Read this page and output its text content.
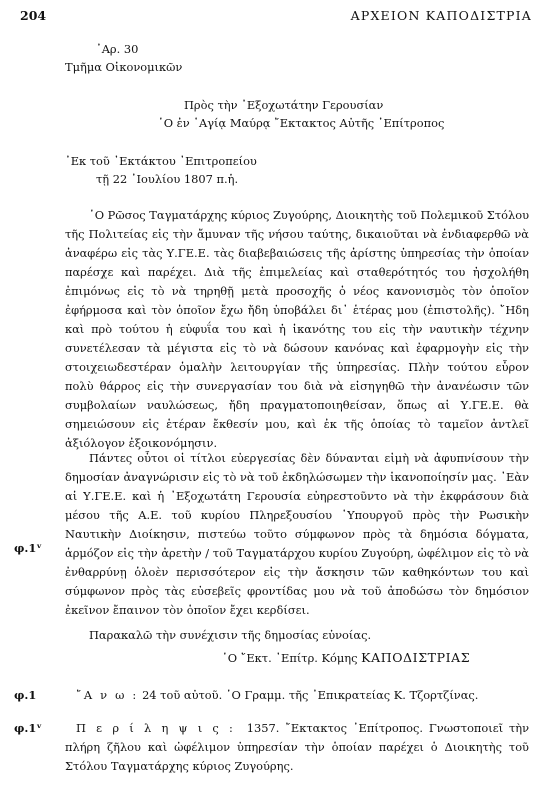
204	ΑΡΧΕΙΟΝ ΚΑΠΟΔΙΣΤΡΙΑ
᾽Αρ. 30
Τμῆμα Οἰκονομικῶν
Πρὸς τὴν ᾽Εξοχωτάτην Γερουσίαν
῾Ο ἐν ῾Αγίᾳ Μαύρᾳ ῎Εκτακτος Αὐτῆς ᾽Επίτροπος
᾽Εκ τοῦ ᾽Εκτάκτου ᾽Επιτροπείου
τῇ 22 ᾽Ιουλίου 1807 π.ἡ.
῾Ο Ρῶσος Ταγματάρχης κύριος Ζυγούρης, Διοικητὴς τοῦ Πολεμικοῦ Στόλου τῆς Πολιτείας εἰς τὴν ἄμυναν τῆς νήσου ταύτης, δικαιοῦται νὰ ἐνδιαφερθῶ νὰ ἀναφέρω εἰς τὰς Υ.ΓΕ.Ε. τὰς διαβεβαιώσεις τῆς ἀρίστης ὑπηρεσίας τὴν ὁποίαν παρέσχε καὶ παρέχει. Διὰ τῆς ἐπιμελείας καὶ σταθερότητός του ἠσχολήθη ἐπιμόνως εἰς τὸ νὰ τηρηθῇ μετὰ προσοχῆς ὁ νέος κανονισμὸς τὸν ὁποῖον ἐφήρμοσα καὶ τὸν ὁποῖον ἔχω ἤδη ὑποβάλει δι᾽ ἑτέρας μου (ἐπιστολῆς). ῎Ηδη καὶ πρὸ τούτου ἡ εὐφυΐα του καὶ ἡ ἱκανότης του εἰς τὴν ναυτικὴν τέχνην συνετέλεσαν τὰ μέγιστα εἰς τὸ νὰ δώσουν κανόνας καὶ ἐφαρμογὴν εἰς τὴν στοιχειωδεστέραν ὁμαλὴν λειτουργίαν τῆς ὑπηρεσίας. Πλὴν τούτου εὗρον πολὺ θάρρος εἰς τὴν συνεργασίαν του διὰ νὰ εἰσηγηθῶ τὴν ἀνανέωσιν τῶν συμβολαίων ναυλώσεως, ἤδη πραγματοποιηθείσαν, ὅπως αἱ Υ.ΓΕ.Ε. θὰ σημειώσουν εἰς ἑτέραν ἔκθεσίν μου, καὶ ἐκ τῆς ὁποίας τὸ ταμεῖον ἀντλεῖ ἀξιόλογον ἐξοικονόμησιν.
Πάντες οὗτοι οἱ τίτλοι εὐεργεσίας δὲν δύνανται εἰμὴ νὰ ἀφυπνίσουν τὴν δημοσίαν ἀναγνώρισιν εἰς τὸ νὰ τοῦ ἐκδηλώσωμεν τὴν ἱκανοποίησίν μας. ᾽Εὰν αἱ Υ.ΓΕ.Ε. καὶ ἡ ᾽Εξοχωτάτη Γερουσία εὐηρεστοῦντο νὰ τὴν ἐκφράσουν διὰ μέσου τῆς Α.Ε. τοῦ κυρίου Πληρεξουσίου ῾Υπουργοῦ πρὸς τὴν Ρωσικὴν Ναυτικὴν Διοίκησιν, πιστεύω τοῦτο σύμφωνον πρὸς τὰ δημόσια δόγματα, ἁρμόζον εἰς τὴν ἀρετὴν / τοῦ Ταγματάρχου κυρίου Ζυγούρη, ὠφέλιμον εἰς τὸ νὰ ἐνθαρρύνῃ ὁλοὲν περισσότερον εἰς τὴν ἄσκησιν τῶν καθηκόντων του καὶ σύμφωνον πρὸς τὰς εὐσεβεῖς φροντίδας μου νὰ τοῦ ἀποδώσω τὸν δημόσιον ἐκεῖνον ἔπαινον τὸν ὁποῖον ἔχει κερδίσει.
Παρακαλῶ τὴν συνέχισιν τῆς δημοσίας εὐνοίας.
῾Ο ῎Εκτ. ᾽Επίτρ. Κόμης ΚΑΠΟΔΙΣΤΡΙΑΣ
῎Α ν ω : 24 τοῦ αὐτοῦ. ῾Ο Γραμμ. τῆς ᾽Επικρατείας Κ. Τζορτζίνας.
Π ε ρ ί λ η ψ ι ς : 1357. ῎Εκτακτος ᾽Επίτροπος. Γνωστοποιεῖ τὴν πλήρη ζῆλου καὶ ὠφέλιμον ὑπηρεσίαν τὴν ὁποίαν παρέχει ὁ Διοικητὴς τοῦ Στόλου Ταγματάρχης κύριος Ζυγούρης.
φ.1ᵛ
φ.1
φ.1ᵛ
